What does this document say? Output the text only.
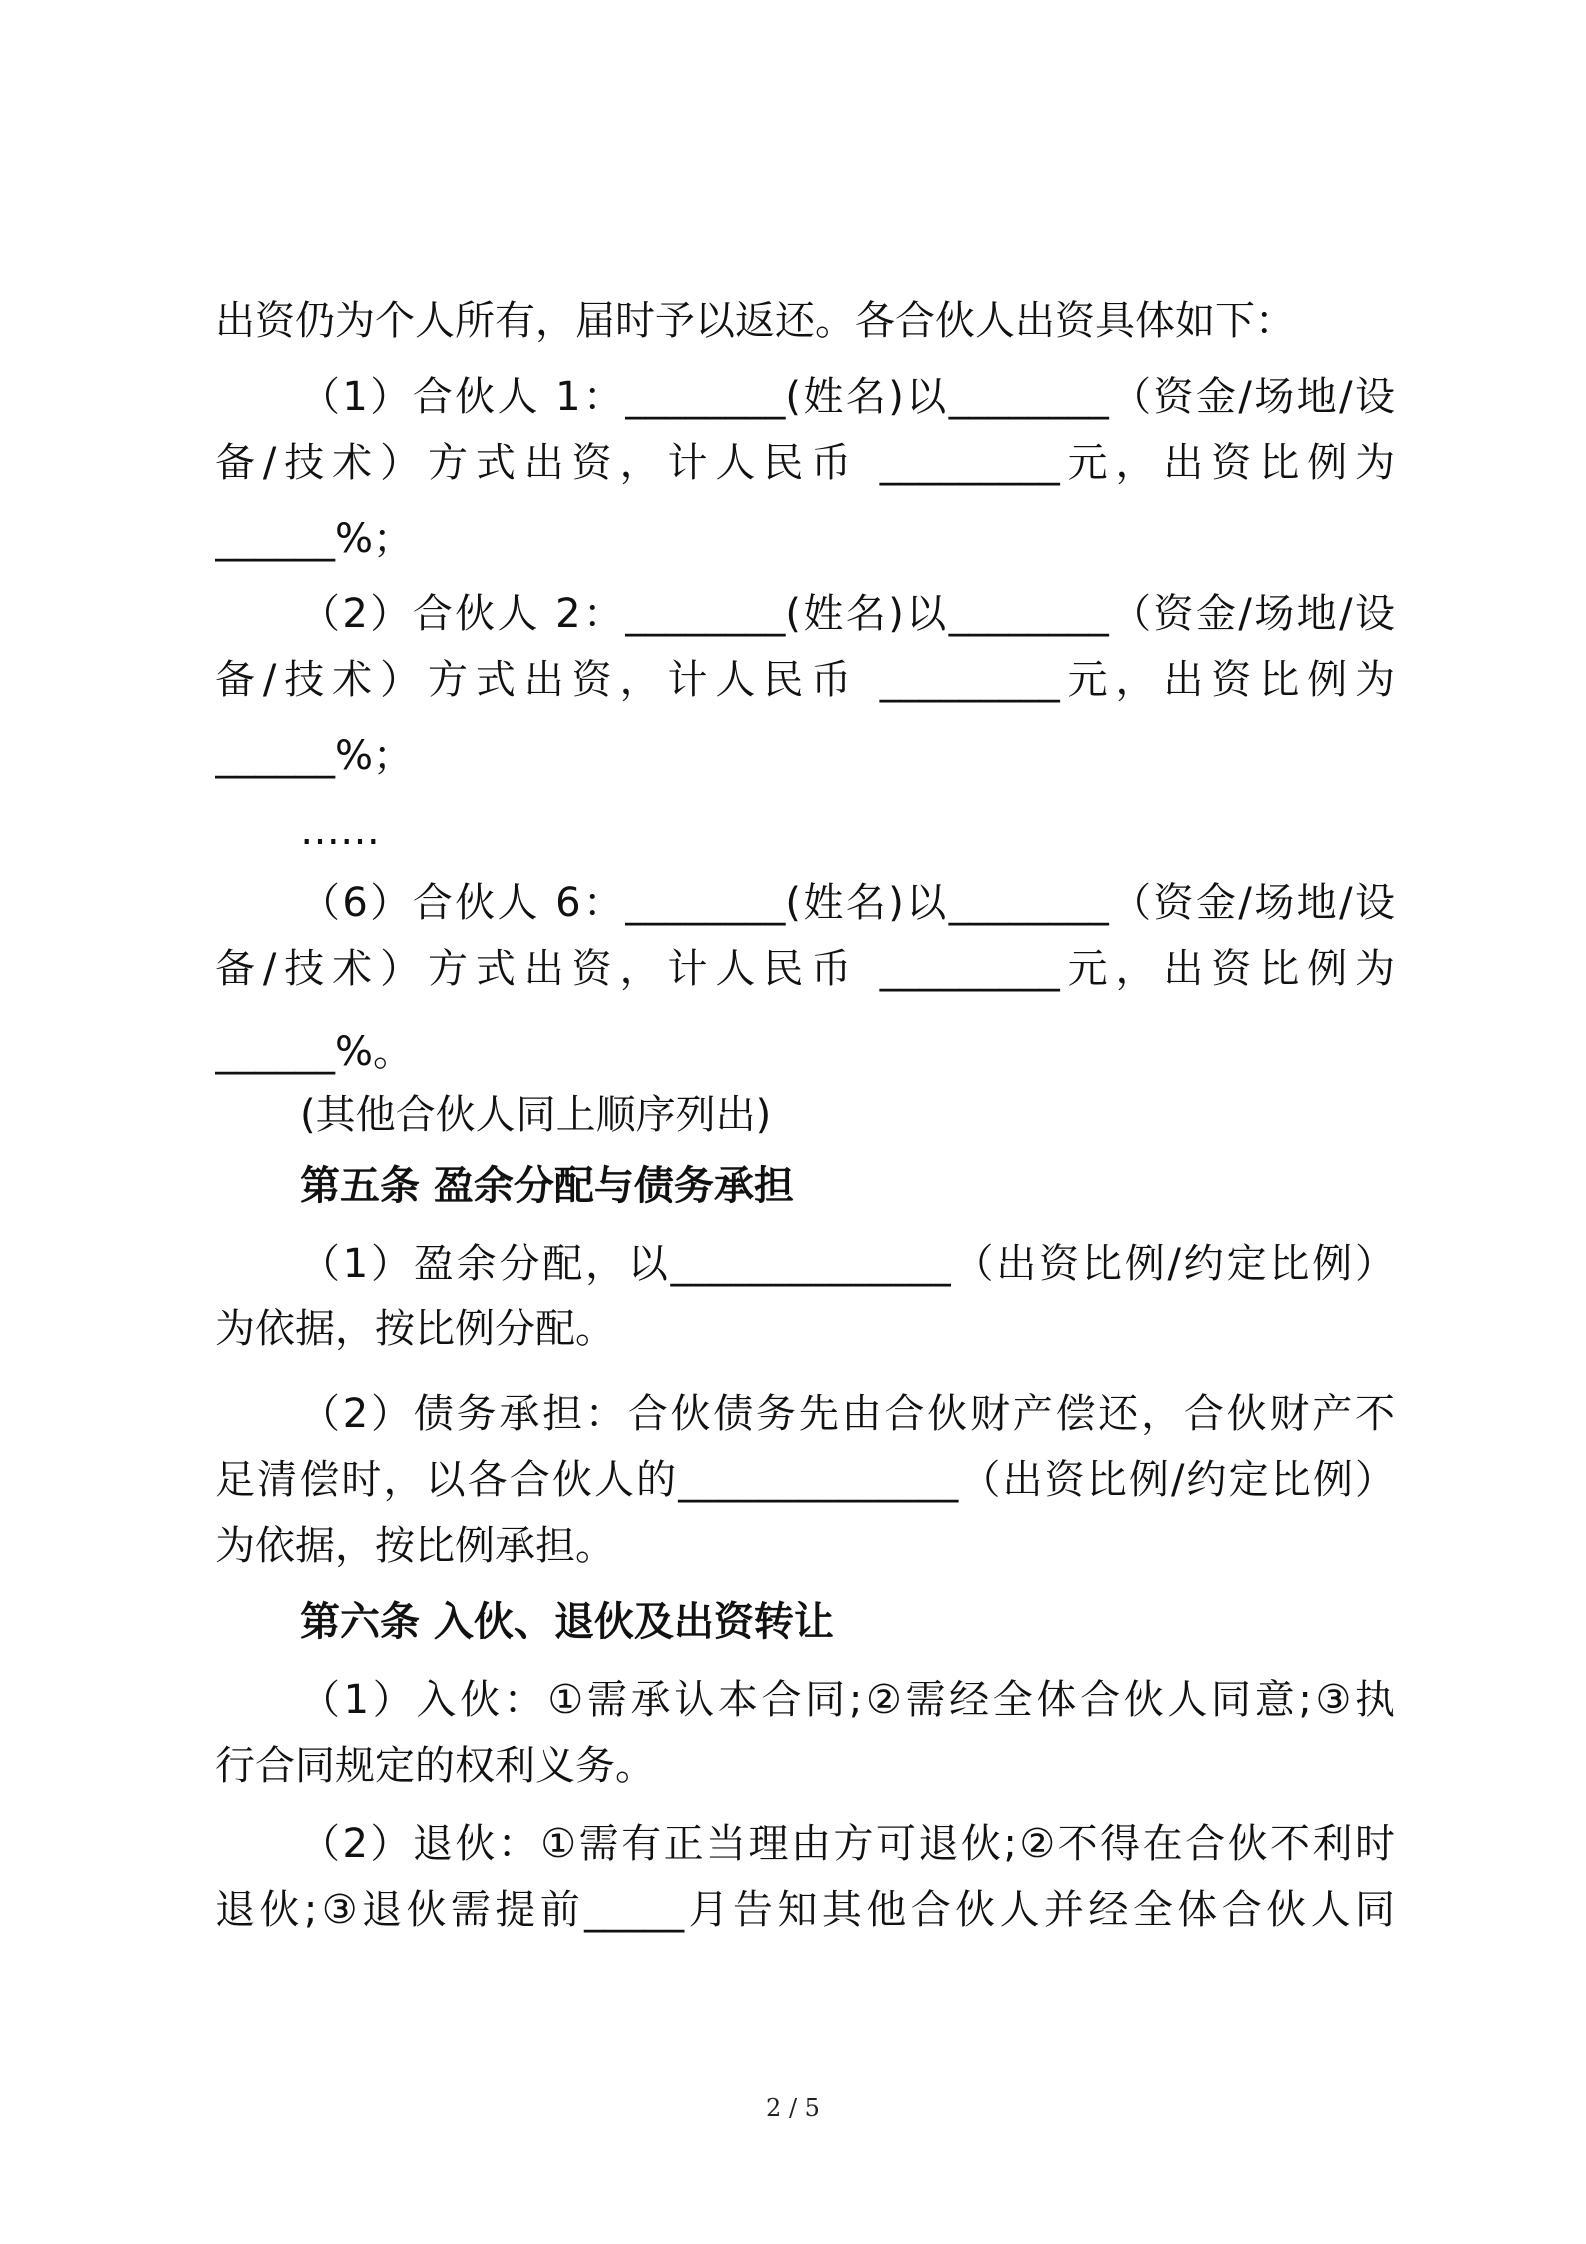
出资仍为个人所有，届时予以返还。各合伙人出资具体如下：
（1）合伙人 1：________(姓名)以________（资金/场地/设
备/技术）方式出资，计人民币 _________元，出资比例为
______%；
（2）合伙人 2：________(姓名)以________（资金/场地/设
备/技术）方式出资，计人民币 _________元，出资比例为
______%；
……
（6）合伙人 6：________(姓名)以________（资金/场地/设
备/技术）方式出资，计人民币 _________元，出资比例为
______%。
(其他合伙人同上顺序列出)
第五条 盈余分配与债务承担
（1）盈余分配，以______________（出资比例/约定比例）
为依据，按比例分配。
（2）债务承担：合伙债务先由合伙财产偿还，合伙财产不
足清偿时，以各合伙人的______________（出资比例/约定比例）
为依据，按比例承担。
第六条 入伙、退伙及出资转让
（1）入伙：①需承认本合同;②需经全体合伙人同意;③执
行合同规定的权利义务。
（2）退伙：①需有正当理由方可退伙;②不得在合伙不利时
退伙;③退伙需提前_____月告知其他合伙人并经全体合伙人同
2 / 5
